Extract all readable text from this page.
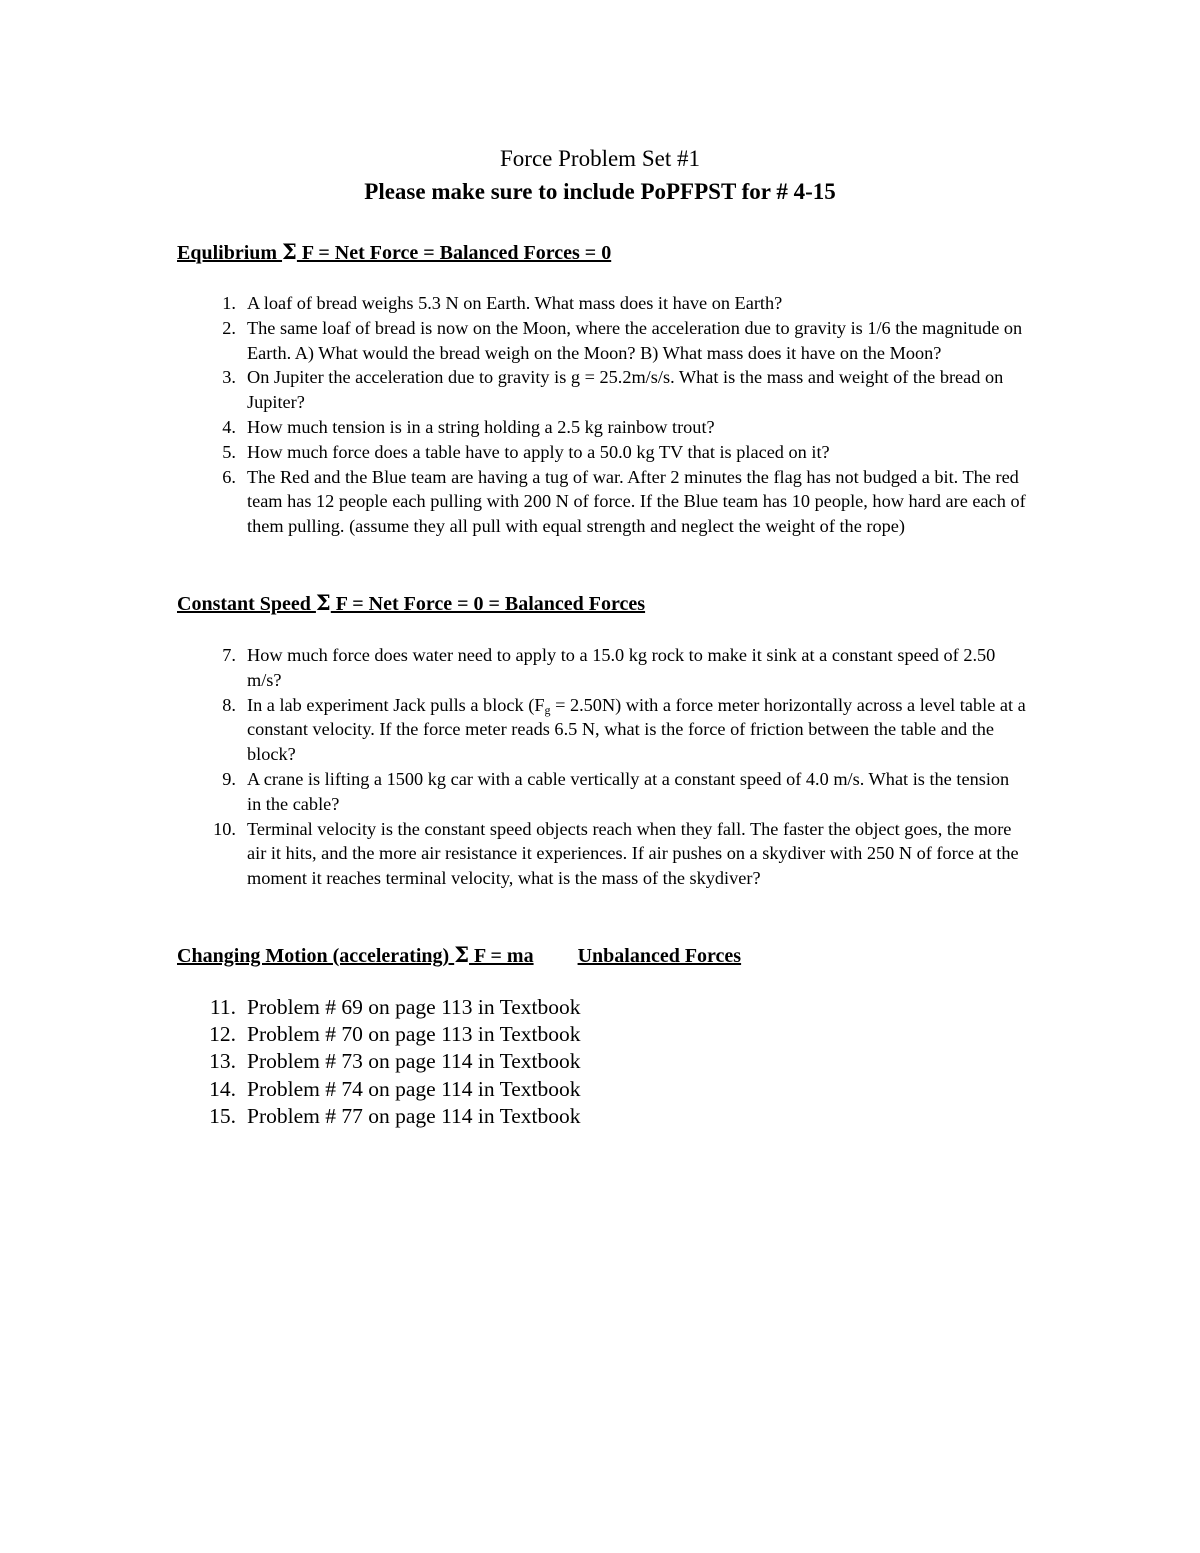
Force Problem Set #1
Please make sure to include PoPFPST for # 4-15
Equlibrium Σ F = Net Force = Balanced Forces = 0
1. A loaf of bread weighs 5.3 N on Earth. What mass does it have on Earth?
2. The same loaf of bread is now on the Moon, where the acceleration due to gravity is 1/6 the magnitude on Earth. A) What would the bread weigh on the Moon? B) What mass does it have on the Moon?
3. On Jupiter the acceleration due to gravity is g = 25.2m/s/s. What is the mass and weight of the bread on Jupiter?
4. How much tension is in a string holding a 2.5 kg rainbow trout?
5. How much force does a table have to apply to a 50.0 kg TV that is placed on it?
6. The Red and the Blue team are having a tug of war. After 2 minutes the flag has not budged a bit. The red team has 12 people each pulling with 200 N of force. If the Blue team has 10 people, how hard are each of them pulling. (assume they all pull with equal strength and neglect the weight of the rope)
Constant Speed Σ F = Net Force = 0 = Balanced Forces
7. How much force does water need to apply to a 15.0 kg rock to make it sink at a constant speed of 2.50 m/s?
8. In a lab experiment Jack pulls a block $(F_g = 2.50N)$ with a force meter horizontally across a level table at a constant velocity. If the force meter reads 6.5 N, what is the force of friction between the table and the block?
9. A crane is lifting a 1500 kg car with a cable vertically at a constant speed of 4.0 m/s. What is the tension in the cable?
10. Terminal velocity is the constant speed objects reach when they fall. The faster the object goes, the more air it hits, and the more air resistance it experiences. If air pushes on a skydiver with 250 N of force at the moment it reaches terminal velocity, what is the mass of the skydiver?
Changing Motion (accelerating) Σ F = ma Unbalanced Forces
11. Problem # 69 on page 113 in Textbook
12. Problem # 70 on page 113 in Textbook
13. Problem # 73 on page 114 in Textbook
14. Problem # 74 on page 114 in Textbook
15. Problem # 77 on page 114 in Textbook
